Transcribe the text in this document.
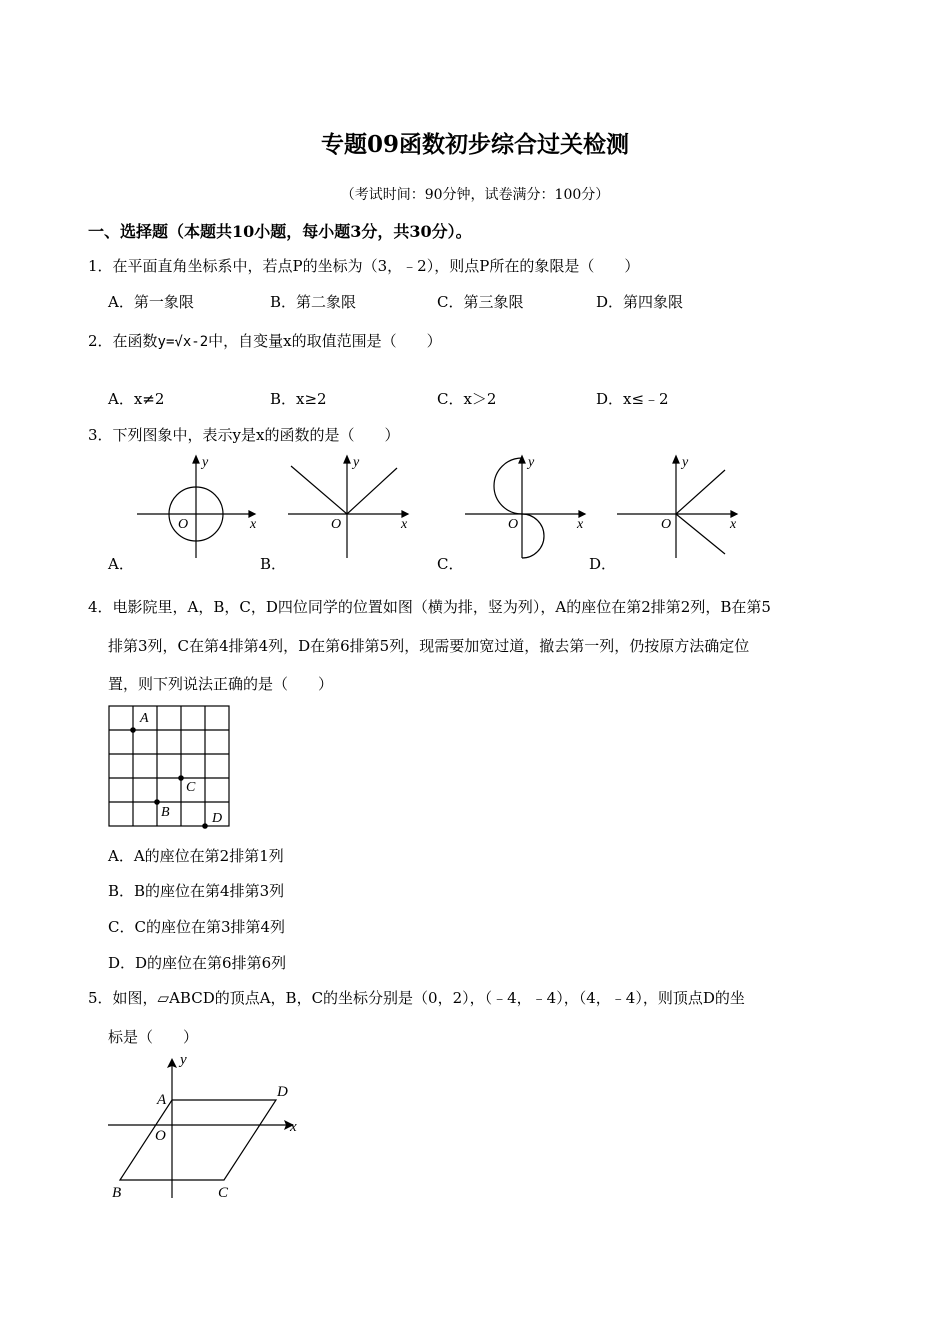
专题09函数初步综合过关检测
（考试时间：90分钟，试卷满分：100分）
一、选择题（本题共10小题，每小题3分，共30分）。
1．在平面直角坐标系中，若点P的坐标为（3，﹣2），则点P所在的象限是（　　）
A．第一象限	B．第二象限	C．第三象限	D．第四象限
2．在函数y=√x-2中，自变量x的取值范围是（　　）
A．x≠2	B．x≥2	C．x＞2	D．x≤﹣2
3．下列图象中，表示y是x的函数的是（　　）
y
x
O
y
x
O
y
x
O
y
x
O
A．	B．	C．	D．
4．电影院里，A，B，C，D四位同学的位置如图（横为排，竖为列），A的座位在第2排第2列，B在第5
排第3列，C在第4排第4列，D在第6排第5列，现需要加宽过道，撤去第一列，仍按原方法确定位
置，则下列说法正确的是（　　）
A
B
C
D
A．A的座位在第2排第1列
B．B的座位在第4排第3列
C．C的座位在第3排第4列
D．D的座位在第6排第6列
5．如图，▱ABCD的顶点A，B，C的坐标分别是（0，2），（﹣4，﹣4），（4，﹣4），则顶点D的坐
标是（　　）
y
x
A
B	C
D
O
